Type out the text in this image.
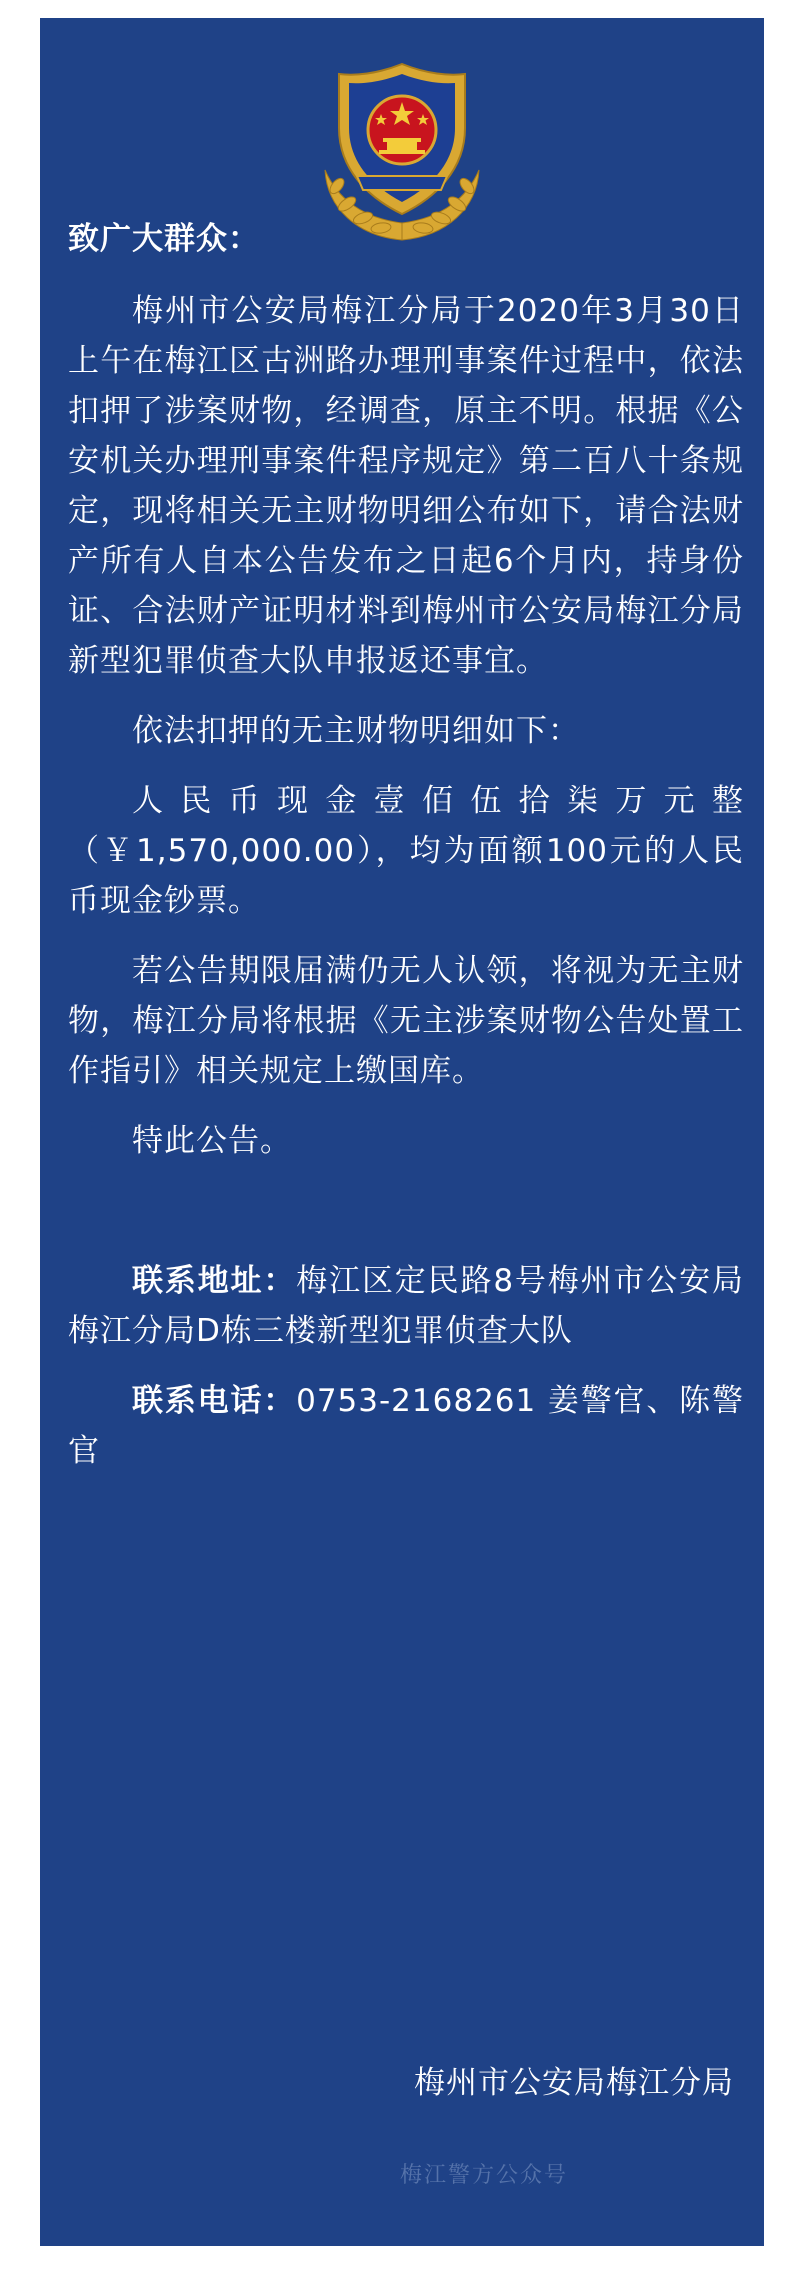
致广大群众：

梅州市公安局梅江分局于2020年3月30日上午在梅江区古洲路办理刑事案件过程中，依法扣押了涉案财物，经调查，原主不明。根据《公安机关办理刑事案件程序规定》第二百八十条规定，现将相关无主财物明细公布如下，请合法财产所有人自本公告发布之日起6个月内，持身份证、合法财产证明材料到梅州市公安局梅江分局新型犯罪侦查大队申报返还事宜。

依法扣押的无主财物明细如下：

人民币现金壹佰伍拾柒万元整（￥1,570,000.00），均为面额100元的人民币现金钞票。

若公告期限届满仍无人认领，将视为无主财物，梅江分局将根据《无主涉案财物公告处置工作指引》相关规定上缴国库。

特此公告。

联系地址：梅江区定民路8号梅州市公安局梅江分局D栋三楼新型犯罪侦查大队

联系电话：0753-2168261 姜警官、陈警官

梅州市公安局梅江分局
梅江警方公众号
